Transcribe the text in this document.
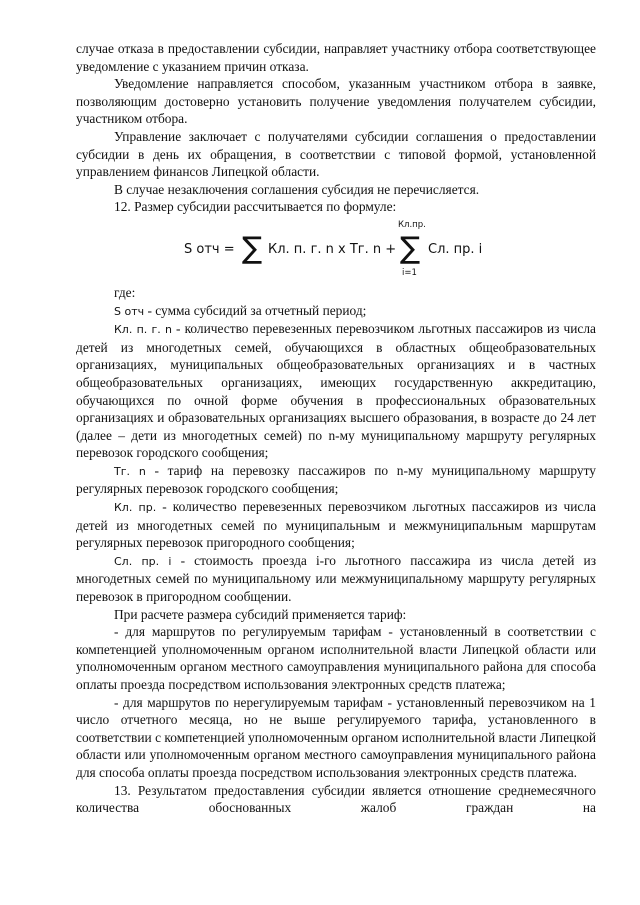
случае отказа в предоставлении субсидии, направляет участнику отбора соответствующее уведомление с указанием причин отказа.

Уведомление направляется способом, указанным участником отбора в заявке, позволяющим достоверно установить получение уведомления получателем субсидии, участником отбора.

Управление заключает с получателями субсидии соглашения о предоставлении субсидии в день их обращения, в соответствии с типовой формой, установленной управлением финансов Липецкой области.

В случае незаключения соглашения субсидия не перечисляется.

12. Размер субсидии рассчитывается по формуле:

S отч = ∑ Кл. п. г. n x Тг. n +
Кл.пр.
∑
i=1
Сл. пр. i

где:

S отч - сумма субсидий за отчетный период;

Кл. п. г. n - количество перевезенных перевозчиком льготных пассажиров из числа детей из многодетных семей, обучающихся в областных общеобразовательных организациях, муниципальных общеобразовательных организациях и в частных общеобразовательных организациях, имеющих государственную аккредитацию, обучающихся по очной форме обучения в профессиональных образовательных организациях и образовательных организациях высшего образования, в возрасте до 24 лет (далее – дети из многодетных семей) по n-му муниципальному маршруту регулярных перевозок городского сообщения;

Тг. n - тариф на перевозку пассажиров по n-му муниципальному маршруту регулярных перевозок городского сообщения;

Кл. пр. - количество перевезенных перевозчиком льготных пассажиров из числа детей из многодетных семей по муниципальным и межмуниципальным маршрутам регулярных перевозок пригородного сообщения;

Сл. пр. i - стоимость проезда i-го льготного пассажира из числа детей из многодетных семей по муниципальному или межмуниципальному маршруту регулярных перевозок в пригородном сообщении.

При расчете размера субсидий применяется тариф:

- для маршрутов по регулируемым тарифам - установленный в соответствии с компетенцией уполномоченным органом исполнительной власти Липецкой области или уполномоченным органом местного самоуправления муниципального района для способа оплаты проезда посредством использования электронных средств платежа;

- для маршрутов по нерегулируемым тарифам - установленный перевозчиком на 1 число отчетного месяца, но не выше регулируемого тарифа, установленного в соответствии с компетенцией уполномоченным органом исполнительной власти Липецкой области или уполномоченным органом местного самоуправления муниципального района для способа оплаты проезда посредством использования электронных средств платежа.

13. Результатом предоставления субсидии является отношение среднемесячного количества обоснованных жалоб граждан на
